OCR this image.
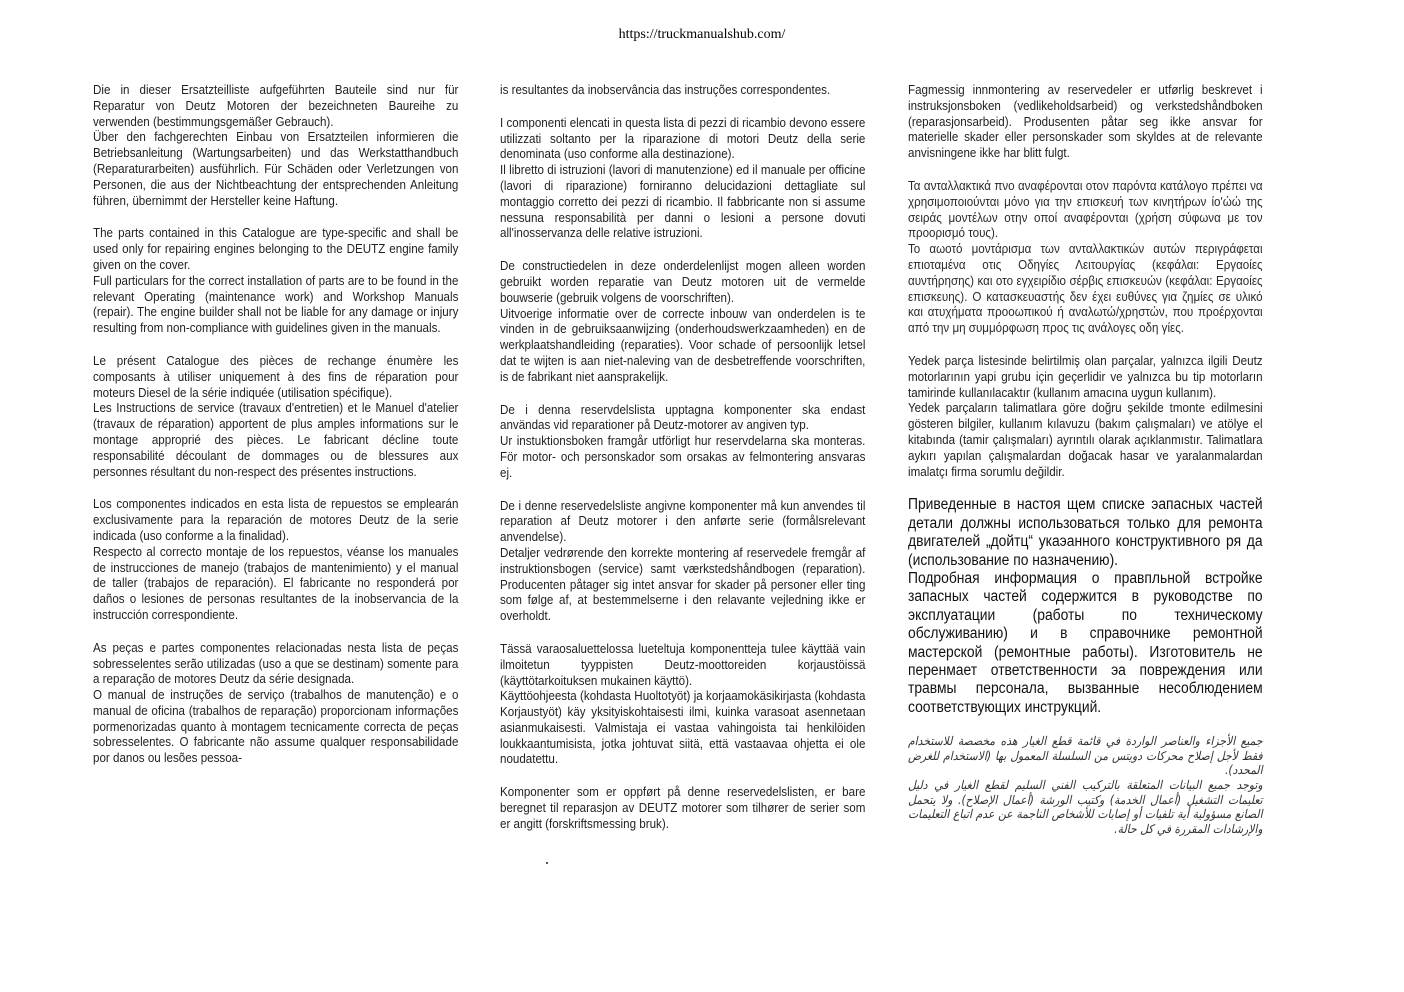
https://truckmanualshub.com/

Die in dieser Ersatzteilliste aufgeführten Bauteile sind nur für Reparatur von Deutz Motoren der bezeichneten Baureihe zu verwenden (bestimmungsgemäßer Gebrauch).

Über den fachgerechten Einbau von Ersatzteilen informieren die Betriebsanleitung (Wartungsarbeiten) und das Werkstatthandbuch (Reparaturarbeiten) ausführlich. Für Schäden oder Verletzungen von Personen, die aus der Nichtbeachtung der entsprechenden Anleitung führen, übernimmt der Hersteller keine Haftung.

The parts contained in this Catalogue are type-specific and shall be used only for repairing engines belonging to the DEUTZ engine family given on the cover.

Full particulars for the correct installation of parts are to be found in the relevant Operating (maintenance work) and Workshop Manuals (repair). The engine builder shall not be liable for any damage or injury resulting from non-compliance with guidelines given in the manuals.

Le présent Catalogue des pièces de rechange énumère les composants à utiliser uniquement à des fins de réparation pour moteurs Diesel de la série indiquée (utilisation spécifique).

Les Instructions de service (travaux d'entretien) et le Manuel d'atelier (travaux de réparation) apportent de plus amples informations sur le montage approprié des pièces. Le fabricant décline toute responsabilité découlant de dommages ou de blessures aux personnes résultant du non-respect des présentes instructions.

Los componentes indicados en esta lista de repuestos se emplearán exclusivamente para la reparación de motores Deutz de la serie indicada (uso conforme a la finalidad).

Respecto al correcto montaje de los repuestos, véanse los manuales de instrucciones de manejo (trabajos de mantenimiento) y el manual de taller (trabajos de reparación). El fabricante no responderá por daños o lesiones de personas resultantes de la inobservancia de la instrucción correspondiente.

As peças e partes componentes relacionadas nesta lista de peças sobresselentes serão utilizadas (uso a que se destinam) somente para a reparação de motores Deutz da série designada.

O manual de instruções de serviço (trabalhos de manutenção) e o manual de oficina (trabalhos de reparação) proporcionam informações pormenorizadas quanto à montagem tecnicamente correcta de peças sobresselentes. O fabricante não assume qualquer responsabilidade por danos ou lesões pessoa-

is resultantes da inobservância das instruções correspondentes.

I componenti elencati in questa lista di pezzi di ricambio devono essere utilizzati soltanto per la riparazione di motori Deutz della serie denominata (uso conforme alla destinazione).

Il libretto di istruzioni (lavori di manutenzione) ed il manuale per officine (lavori di riparazione) forniranno delucidazioni dettagliate sul montaggio corretto dei pezzi di ricambio. Il fabbricante non si assume nessuna responsabilità per danni o lesioni a persone dovuti all'inosservanza delle relative istruzioni.

De constructiedelen in deze onderdelenlijst mogen alleen worden gebruikt worden reparatie van Deutz motoren uit de vermelde bouwserie (gebruik volgens de voorschriften).

Uitvoerige informatie over de correcte inbouw van onderdelen is te vinden in de gebruiksaanwijzing (onderhoudswerkzaamheden) en de werkplaatshandleiding (reparaties). Voor schade of persoonlijk letsel dat te wijten is aan niet-naleving van de desbetreffende voorschriften, is de fabrikant niet aansprakelijk.

De i denna reservdelslista upptagna komponenter ska endast användas vid reparationer på Deutz-motorer av angiven typ.

Ur instuktionsboken framgår utförligt hur reservdelarna ska monteras. För motor- och personskador som orsakas av felmontering ansvaras ej.

De i denne reservedelsliste angivne komponenter må kun anvendes til reparation af Deutz motorer i den anførte serie (formålsrelevant anvendelse).

Detaljer vedrørende den korrekte montering af reservedele fremgår af instruktionsbogen (service) samt værkstedshåndbogen (reparation). Producenten påtager sig intet ansvar for skader på personer eller ting som følge af, at bestemmelserne i den relavante vejledning ikke er overholdt.

Tässä varaosaluettelossa lueteltuja komponentteja tulee käyttää vain ilmoitetun tyyppisten Deutz-moottoreiden korjaustöissä (käyttötarkoituksen mukainen käyttö).

Käyttöohjeesta (kohdasta Huoltotyöt) ja korjaamokäsikirjasta (kohdasta Korjaustyöt) käy yksityiskohtaisesti ilmi, kuinka varasoat asennetaan asianmukaisesti. Valmistaja ei vastaa vahingoista tai henkilöiden loukkaantumisista, jotka johtuvat siitä, että vastaavaa ohjetta ei ole noudatettu.

Komponenter som er oppført på denne reservedelslisten, er bare beregnet til reparasjon av DEUTZ motorer som tilhører de serier som er angitt (forskriftsmessing bruk).

Fagmessig innmontering av reservedeler er utførlig beskrevet i instruksjonsboken (vedlikeholdsarbeid) og verkstedshåndboken (reparasjonsarbeid). Produsenten påtar seg ikke ansvar for materielle skader eller personskader som skyldes at de relevante anvisningene ikke har blitt fulgt.

Τα ανταλλακτικά πνο αναφέρονται οτον παρόντα κατάλογο πρέπει να χρησιμοποιούνται μόνο για την επισκευή των κινητήρων ίο'ώώ της σειράς μοντέλων οτην οποί αναφέρονται (χρήση σύφωνα με τον προορισμό τους).

Το αωοτό μοντάρισμα των ανταλλακτικών αυτών περιγράφεται επιοταμένα οτις Οδηγίες Λειτουργίας (κεφάλαι: Εργαοίες αυντήρησης) και οτο εγχειρίδιο σέρβις επισκευών (κεφάλαι: Εργαοίες επισκευης). Ο κατασκευαστής δεν έχει ευθύνες για ζημίες σε υλικό και ατυχήματα προοωπικού ή αναλωτώ/χρηστών, που προέρχονται από την μη συμμόρφωση προς τις ανάλογες οδη γίες.

Yedek parça listesinde belirtilmiş olan parçalar, yalnızca ilgili Deutz motorlarının yapi grubu için geçerlidir ve yalnızca bu tip motorların tamirinde kullanılacaktır (kullanım amacına uygun kullanım).

Yedek parçaların talimatlara göre doğru şekilde tmonte edilmesini gösteren bilgiler, kullanım kılavuzu (bakım çalışmaları) ve atölye el kitabında (tamir çalışmaları) ayrıntılı olarak açıklanmıstır. Talimatlara aykırı yapılan çalışmalardan doğacak hasar ve yaralanmalardan imalatçı firma sorumlu değildir.

Приведенные в настоя щем списке эапасных частей детали должны использоваться только для ремонта двигателей „дойтц“ укаэанного конструктивного ря да (использование по назначению).

Подробная информация о правпльной встройке запасных частей содержится в руководстве по эксплуатации (работы по техническому обслуживанию) и в справочнике ремонтной мастерской (ремонтные работы). Изготовитель не перенмает ответственности эа повреждения или травмы персонала, вызванные несоблюдением соответствующих инструкций.

جميع الأجزاء والعناصر الواردة في قائمة قطع الغيار هذه مخصصة للاستخدام فقط لأجل إصلاح محركات دويتس من السلسلة المعمول بها (الاستخدام للغرض المحدد).

وتوجد جميع البيانات المتعلقة بالتركيب الفني السليم لقطع الغيار في دليل تعليمات التشغيل (أعمال الخدمة) وكتيب الورشة (أعمال الإصلاح). ولا يتحمل الصانع مسؤولية أية تلفيات أو إصابات للأشخاص الناجمة عن عدم اتباع التعليمات والإرشادات المقررة في كل حالة.
